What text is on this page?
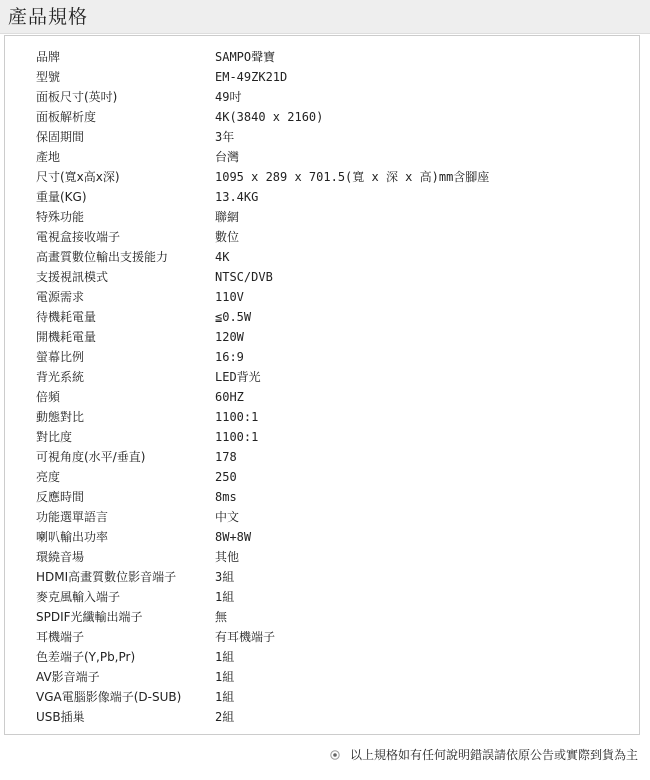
產品規格
品牌	SAMPO聲寶
型號	EM-49ZK21D
面板尺寸(英吋)	49吋
面板解析度	4K(3840 x 2160)
保固期間	3年
產地	台灣
尺寸(寬x高x深)	1095 x 289 x 701.5(寬 x 深 x 高)mm含腳座
重量(KG)	13.4KG
特殊功能	聯網
電視盒接收端子	數位
高畫質數位輸出支援能力	4K
支援視訊模式	NTSC/DVB
電源需求	110V
待機耗電量	≦0.5W
開機耗電量	120W
螢幕比例	16:9
背光系統	LED背光
倍頻	60HZ
動態對比	1100:1
對比度	1100:1
可視角度(水平/垂直)	178
亮度	250
反應時間	8ms
功能選單語言	中文
喇叭輸出功率	8W+8W
環繞音場	其他
HDMI高畫質數位影音端子	3組
麥克風輸入端子	1組
SPDIF光纖輸出端子	無
耳機端子	有耳機端子
色差端子(Y,Pb,Pr)	1組
AV影音端子	1組
VGA電腦影像端子(D-SUB)	1組
USB插巢	2組
以上規格如有任何說明錯誤請依原公告或實際到貨為主
